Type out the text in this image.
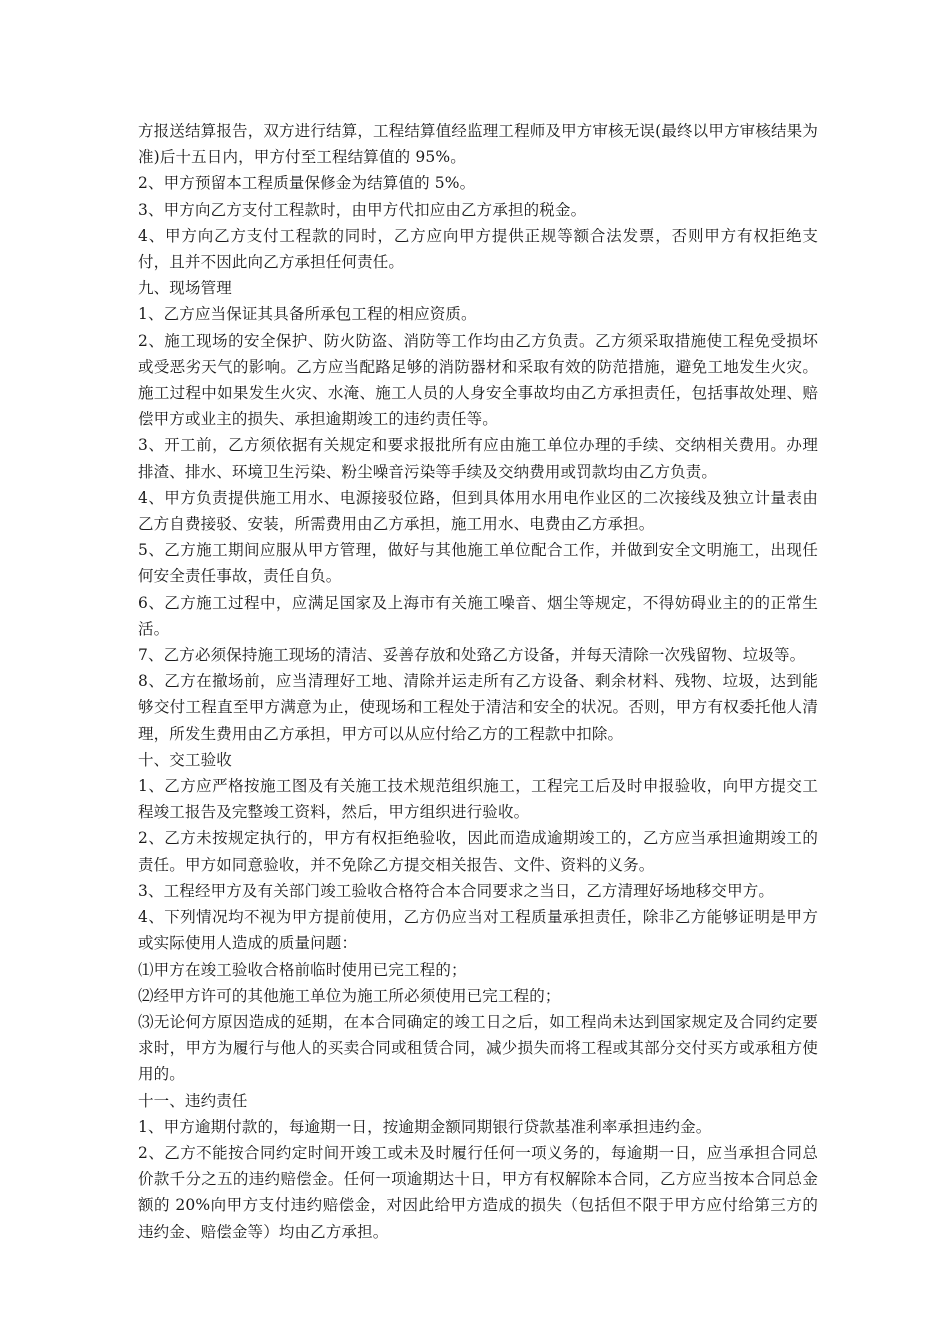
方报送结算报告，双方进行结算，工程结算值经监理工程师及甲方审核无误(最终以甲方审核结果为准)后十五日内，甲方付至工程结算值的 95%。

2、甲方预留本工程质量保修金为结算值的 5%。

3、甲方向乙方支付工程款时，由甲方代扣应由乙方承担的税金。

4、甲方向乙方支付工程款的同时，乙方应向甲方提供正规等额合法发票，否则甲方有权拒绝支付，且并不因此向乙方承担任何责任。

九、现场管理

1、乙方应当保证其具备所承包工程的相应资质。

2、施工现场的安全保护、防火防盗、消防等工作均由乙方负责。乙方须采取措施使工程免受损坏或受恶劣天气的影响。乙方应当配路足够的消防器材和采取有效的防范措施，避免工地发生火灾。施工过程中如果发生火灾、水淹、施工人员的人身安全事故均由乙方承担责任，包括事故处理、赔偿甲方或业主的损失、承担逾期竣工的违约责任等。

3、开工前，乙方须依据有关规定和要求报批所有应由施工单位办理的手续、交纳相关费用。办理排渣、排水、环境卫生污染、粉尘噪音污染等手续及交纳费用或罚款均由乙方负责。

4、甲方负责提供施工用水、电源接驳位路，但到具体用水用电作业区的二次接线及独立计量表由乙方自费接驳、安装，所需费用由乙方承担，施工用水、电费由乙方承担。

5、乙方施工期间应服从甲方管理，做好与其他施工单位配合工作，并做到安全文明施工，出现任何安全责任事故，责任自负。

6、乙方施工过程中，应满足国家及上海市有关施工噪音、烟尘等规定，不得妨碍业主的的正常生活。

7、乙方必须保持施工现场的清洁、妥善存放和处臵乙方设备，并每天清除一次残留物、垃圾等。

8、乙方在撤场前，应当清理好工地、清除并运走所有乙方设备、剩余材料、残物、垃圾，达到能够交付工程直至甲方满意为止，使现场和工程处于清洁和安全的状况。否则，甲方有权委托他人清理，所发生费用由乙方承担，甲方可以从应付给乙方的工程款中扣除。

十、交工验收

1、乙方应严格按施工图及有关施工技术规范组织施工，工程完工后及时申报验收，向甲方提交工程竣工报告及完整竣工资料，然后，甲方组织进行验收。

2、乙方未按规定执行的，甲方有权拒绝验收，因此而造成逾期竣工的，乙方应当承担逾期竣工的责任。甲方如同意验收，并不免除乙方提交相关报告、文件、资料的义务。

3、工程经甲方及有关部门竣工验收合格符合本合同要求之当日，乙方清理好场地移交甲方。

4、下列情况均不视为甲方提前使用，乙方仍应当对工程质量承担责任，除非乙方能够证明是甲方或实际使用人造成的质量问题：

⑴甲方在竣工验收合格前临时使用已完工程的；

⑵经甲方许可的其他施工单位为施工所必须使用已完工程的；

⑶无论何方原因造成的延期，在本合同确定的竣工日之后，如工程尚未达到国家规定及合同约定要求时，甲方为履行与他人的买卖合同或租赁合同，减少损失而将工程或其部分交付买方或承租方使用的。

十一、违约责任

1、甲方逾期付款的，每逾期一日，按逾期金额同期银行贷款基准利率承担违约金。

2、乙方不能按合同约定时间开竣工或未及时履行任何一项义务的，每逾期一日，应当承担合同总价款千分之五的违约赔偿金。任何一项逾期达十日，甲方有权解除本合同，乙方应当按本合同总金额的 20%向甲方支付违约赔偿金，对因此给甲方造成的损失（包括但不限于甲方应付给第三方的违约金、赔偿金等）均由乙方承担。
